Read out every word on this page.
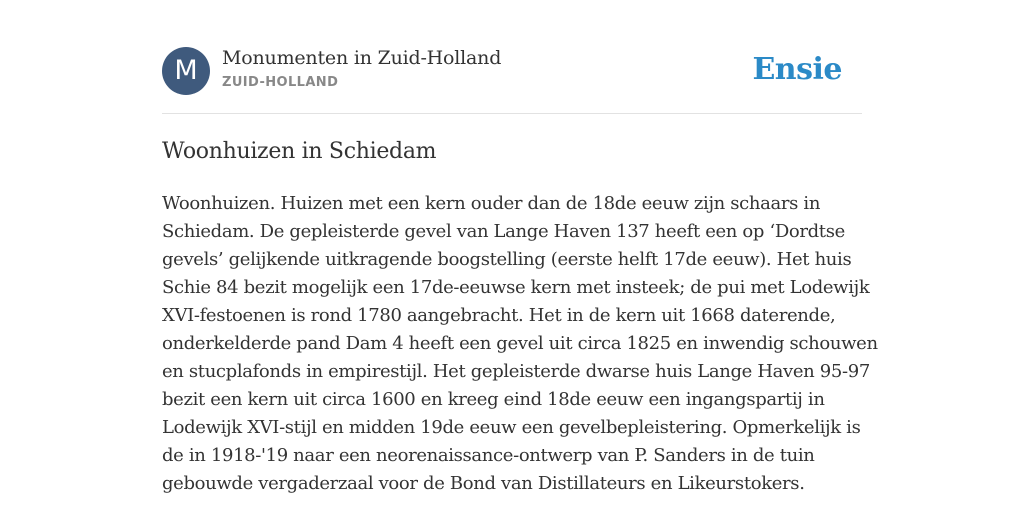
M	Monumenten in Zuid-Holland
ZUID-HOLLAND	Ensie
Woonhuizen in Schiedam
Woonhuizen. Huizen met een kern ouder dan de 18de eeuw zijn schaars in
Schiedam. De gepleisterde gevel van Lange Haven 137 heeft een op ‘Dordtse
gevels’ gelijkende uitkragende boogstelling (eerste helft 17de eeuw). Het huis
Schie 84 bezit mogelijk een 17de-eeuwse kern met insteek; de pui met Lodewijk
XVI-festoenen is rond 1780 aangebracht. Het in de kern uit 1668 daterende,
onderkelderde pand Dam 4 heeft een gevel uit circa 1825 en inwendig schouwen
en stucplafonds in empirestijl. Het gepleisterde dwarse huis Lange Haven 95-97
bezit een kern uit circa 1600 en kreeg eind 18de eeuw een ingangspartij in
Lodewijk XVI-stijl en midden 19de eeuw een gevelbepleistering. Opmerkelijk is
de in 1918-'19 naar een neorenaissance-ontwerp van P. Sanders in de tuin
gebouwde vergaderzaal voor de Bond van Distillateurs en Likeurstokers.
